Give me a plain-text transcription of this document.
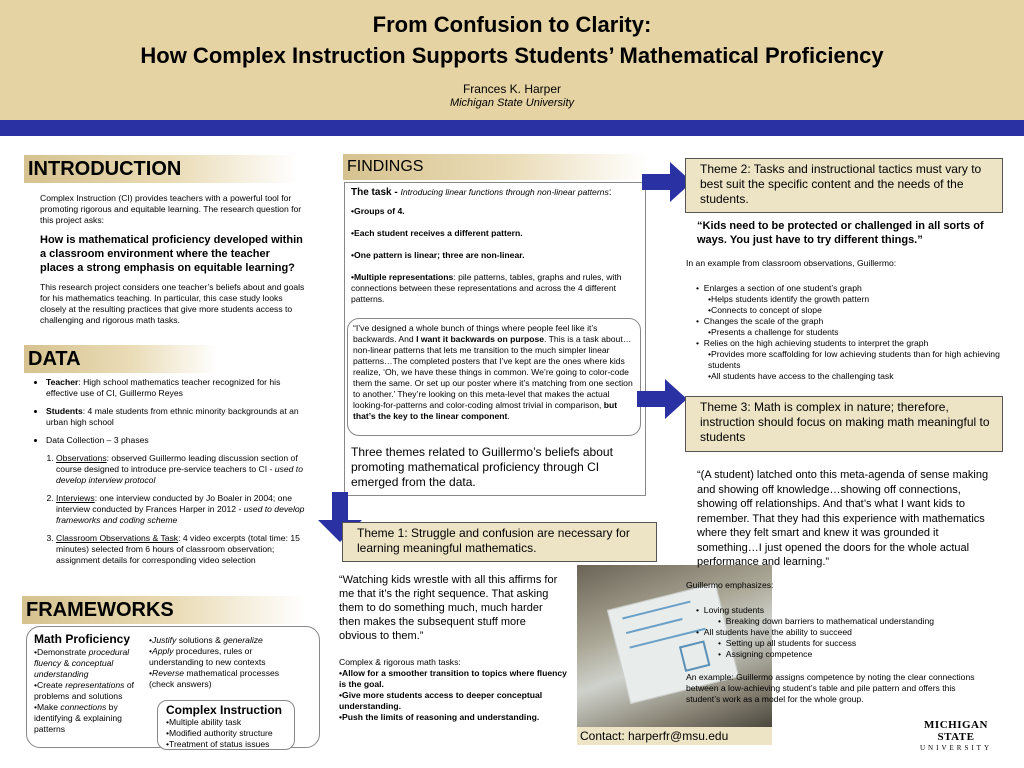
From Confusion to Clarity:
How Complex Instruction Supports Students’ Mathematical Proficiency
Frances K. Harper
Michigan State University
INTRODUCTION
Complex Instruction (CI) provides teachers with a powerful tool for promoting rigorous and equitable learning. The research question for this project asks:
How is mathematical proficiency developed within a classroom environment where the teacher places a strong emphasis on equitable learning?
This research project considers one teacher’s beliefs about and goals for his mathematics teaching. In particular, this case study looks closely at the resulting practices that give more students access to challenging and rigorous math tasks.
DATA
• Teacher: High school mathematics teacher recognized for his effective use of CI, Guillermo Reyes
• Students: 4 male students from ethnic minority backgrounds at an urban high school
• Data Collection – 3 phases
1. Observations: observed Guillermo leading discussion section of course designed to introduce pre-service teachers to CI - used to develop interview protocol
2. Interviews: one interview conducted by Jo Boaler in 2004; one interview conducted by Frances Harper in 2012 - used to develop frameworks and coding scheme
3. Classroom Observations & Task: 4 video excerpts (total time: 15 minutes) selected from 6 hours of classroom observation; assignment details for corresponding video selection
FRAMEWORKS
Math Proficiency
•Demonstrate procedural fluency & conceptual understanding
•Create representations of problems and solutions
•Make connections by identifying & explaining patterns
•Justify solutions & generalize
•Apply procedures, rules or understanding to new contexts
•Reverse mathematical processes (check answers)
Complex Instruction
•Multiple ability task
•Modified authority structure
•Treatment of status issues
FINDINGS
The task - Introducing linear functions through non-linear patterns:
•Groups of 4.
•Each student receives a different pattern.
•One pattern is linear; three are non-linear.
•Multiple representations: pile patterns, tables, graphs and rules, with connections between these representations and across the 4 different patterns.
“I’ve designed a whole bunch of things where people feel like it’s backwards. And I want it backwards on purpose. This is a task about…non-linear patterns that lets me transition to the much simpler linear patterns…The completed posters that I’ve kept are the ones where kids realize, ‘Oh, we have these things in common. We’re going to color-code them the same. Or set up our poster where it’s matching from one section to another.’ They’re looking on this meta-level that makes the actual looking-for-patterns and color-coding almost trivial in comparison, but that’s the key to the linear component.
Three themes related to Guillermo’s beliefs about promoting mathematical proficiency through CI emerged from the data.
Theme 1: Struggle and confusion are necessary for learning meaningful mathematics.
“Watching kids wrestle with all this affirms for me that it’s the right sequence. That asking them to do something much, much harder then makes the subsequent stuff more obvious to them.”
Complex & rigorous math tasks:
•Allow for a smoother transition to topics where fluency is the goal.
•Give more students access to deeper conceptual understanding.
•Push the limits of reasoning and understanding.
Contact: harperfr@msu.edu
Theme 2: Tasks and instructional tactics must vary to best suit the specific content and the needs of the students.
“Kids need to be protected or challenged in all sorts of ways. You just have to try different things.”
In an example from classroom observations, Guillermo:
•  Enlarges a section of one student’s graph
•Helps students identify the growth pattern
•Connects to concept of slope
•  Changes the scale of the graph
•Presents a challenge for students
•  Relies on the high achieving students to interpret the graph
•Provides more scaffolding for low achieving students than for high achieving students
•All students have access to the challenging task
Theme 3: Math is complex in nature; therefore, instruction should focus on making math meaningful to students
“(A student) latched onto this meta-agenda of sense making and showing off knowledge…showing off connections, showing off relationships. And that’s what I want kids to remember. That they had this experience with mathematics where they felt smart and knew it was grounded it something…I just opened the doors for the whole actual performance and learning.”
Guillermo emphasizes:
•  Loving students
•  Breaking down barriers to mathematical understanding
•  All students have the ability to succeed
•  Setting up all students for success
•  Assigning competence
An example: Guillermo assigns competence by noting the clear connections between a low-achieving student’s table and pile pattern and offers this student’s work as a model for the whole group.
MICHIGAN STATE
UNIVERSITY
